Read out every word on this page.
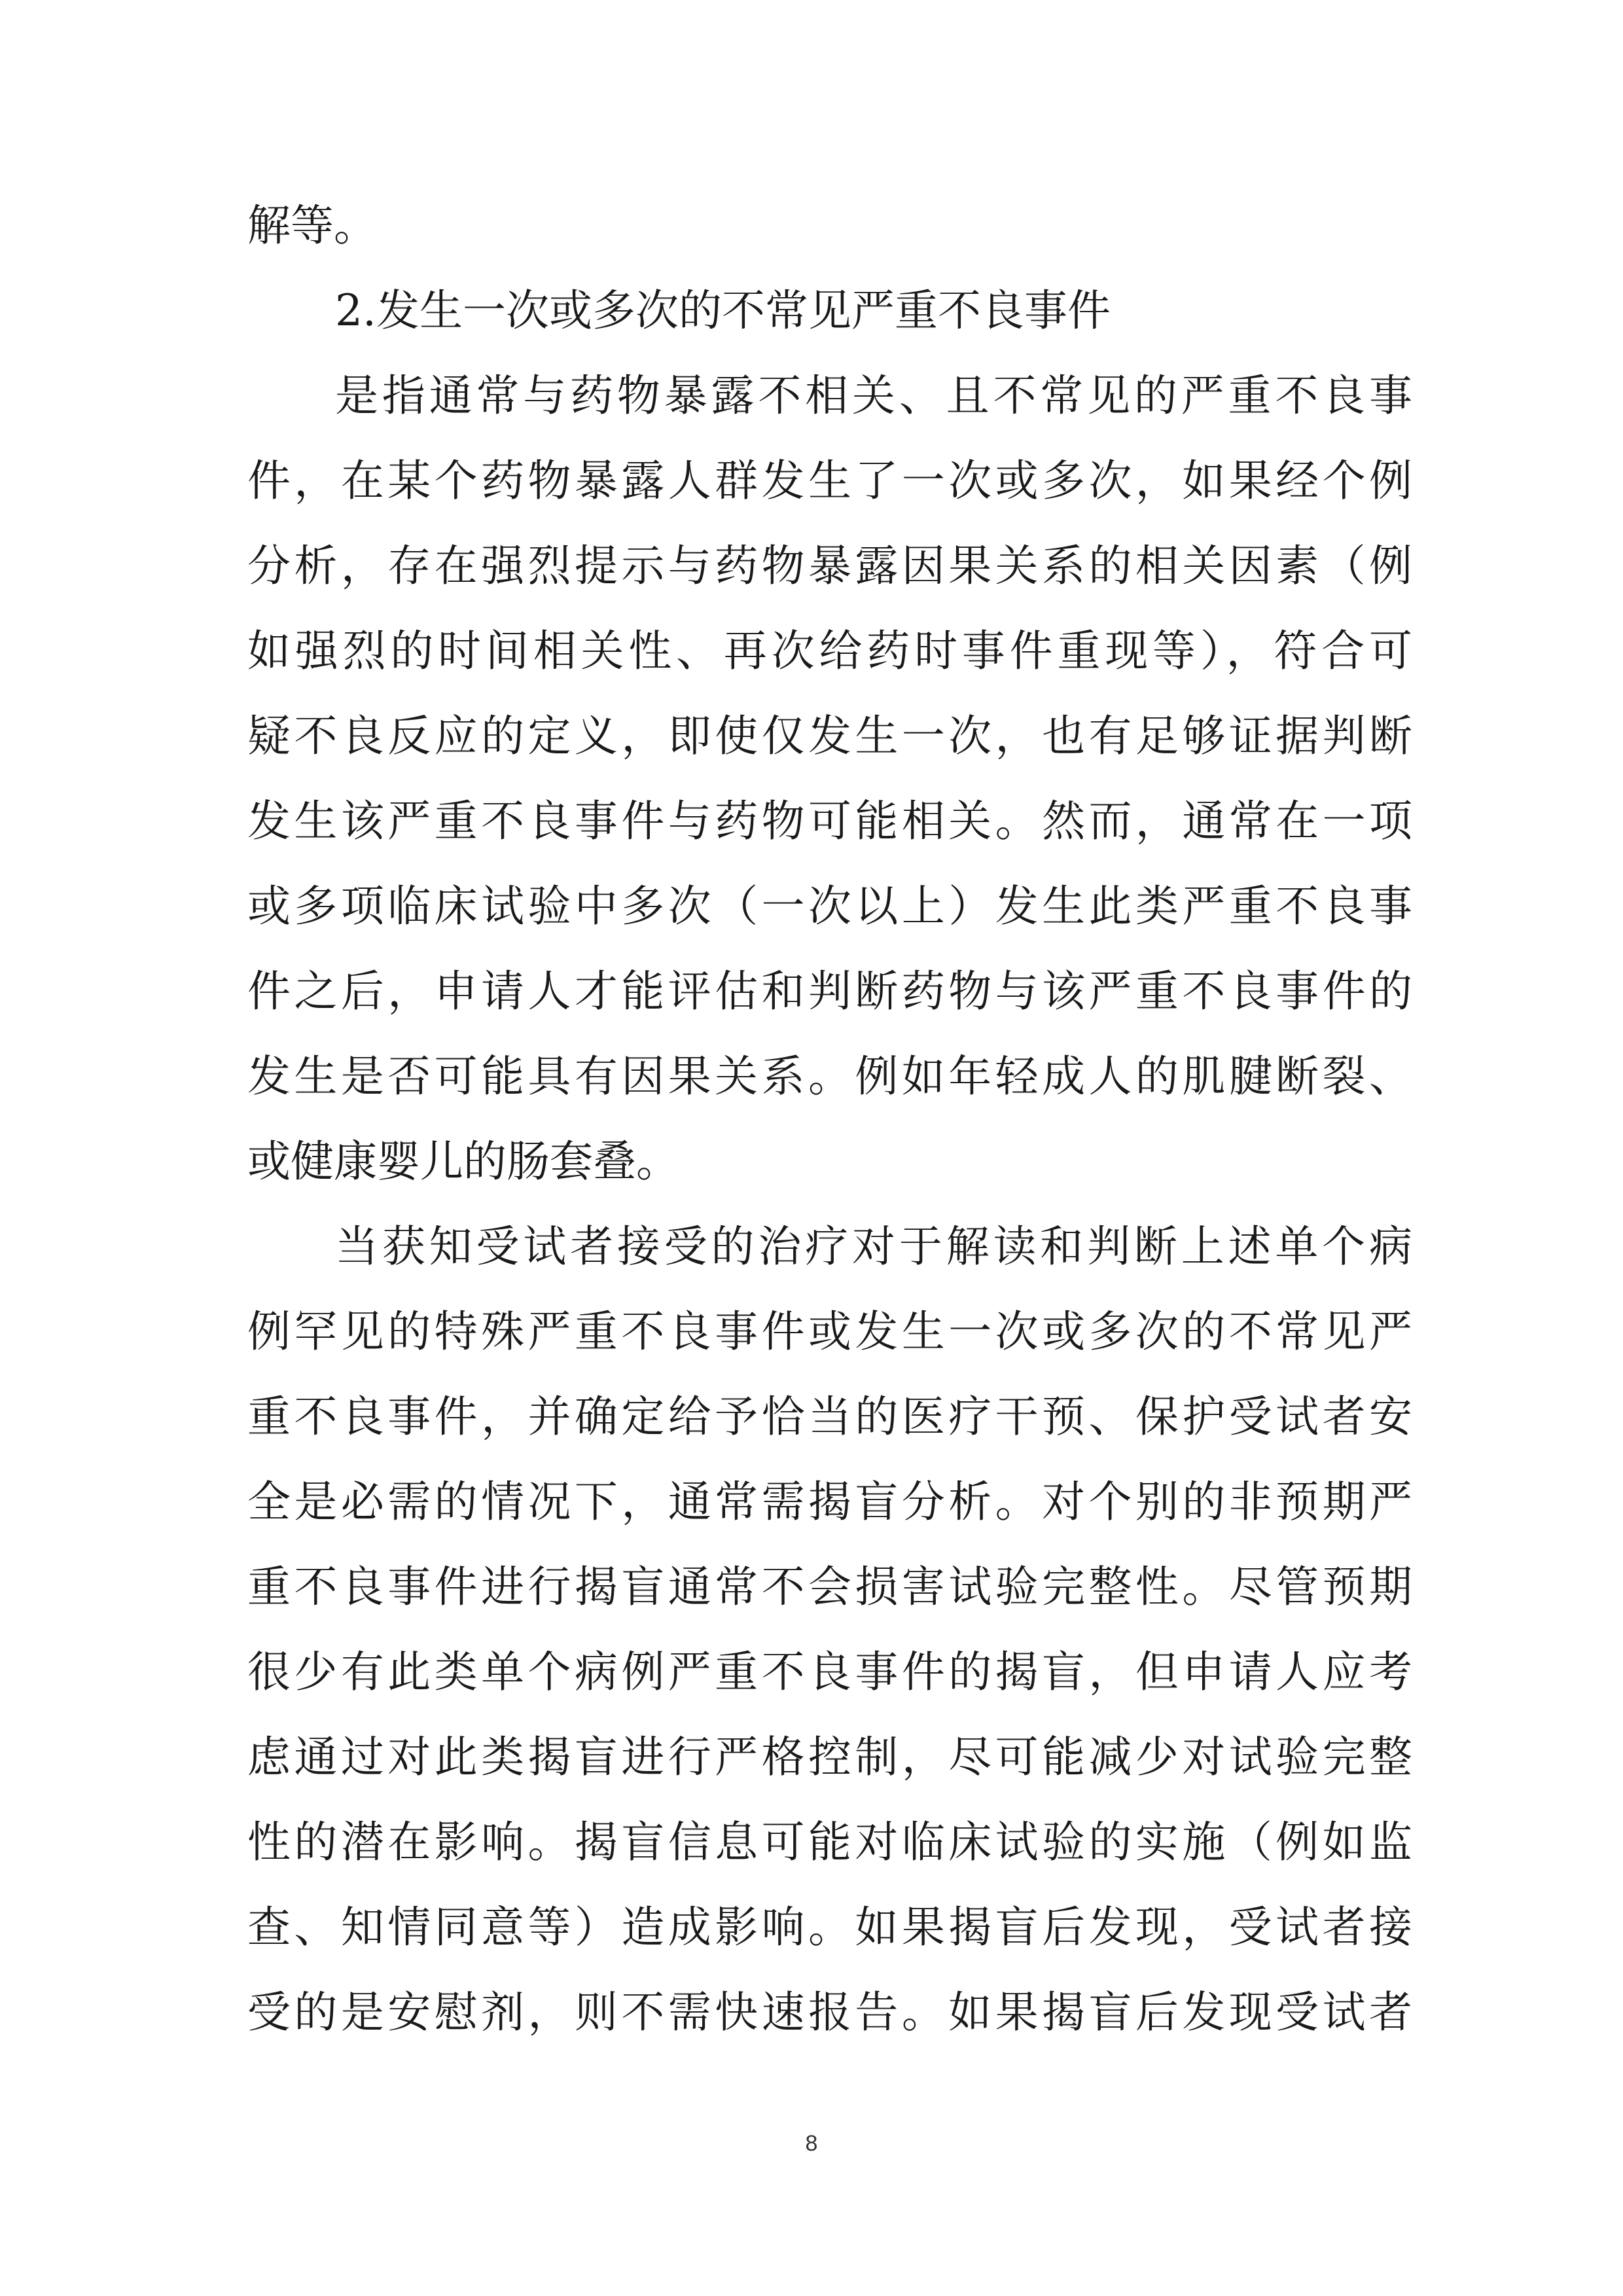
解等。
2.发生一次或多次的不常见严重不良事件
是指通常与药物暴露不相关、且不常见的严重不良事
件，在某个药物暴露人群发生了一次或多次，如果经个例
分析，存在强烈提示与药物暴露因果关系的相关因素（例
如强烈的时间相关性、再次给药时事件重现等），符合可
疑不良反应的定义，即使仅发生一次，也有足够证据判断
发生该严重不良事件与药物可能相关。然而，通常在一项
或多项临床试验中多次（一次以上）发生此类严重不良事
件之后，申请人才能评估和判断药物与该严重不良事件的
发生是否可能具有因果关系。例如年轻成人的肌腱断裂、
或健康婴儿的肠套叠。
当获知受试者接受的治疗对于解读和判断上述单个病
例罕见的特殊严重不良事件或发生一次或多次的不常见严
重不良事件，并确定给予恰当的医疗干预、保护受试者安
全是必需的情况下，通常需揭盲分析。对个别的非预期严
重不良事件进行揭盲通常不会损害试验完整性。尽管预期
很少有此类单个病例严重不良事件的揭盲，但申请人应考
虑通过对此类揭盲进行严格控制，尽可能减少对试验完整
性的潜在影响。揭盲信息可能对临床试验的实施（例如监
查、知情同意等）造成影响。如果揭盲后发现，受试者接
受的是安慰剂，则不需快速报告。如果揭盲后发现受试者
8
